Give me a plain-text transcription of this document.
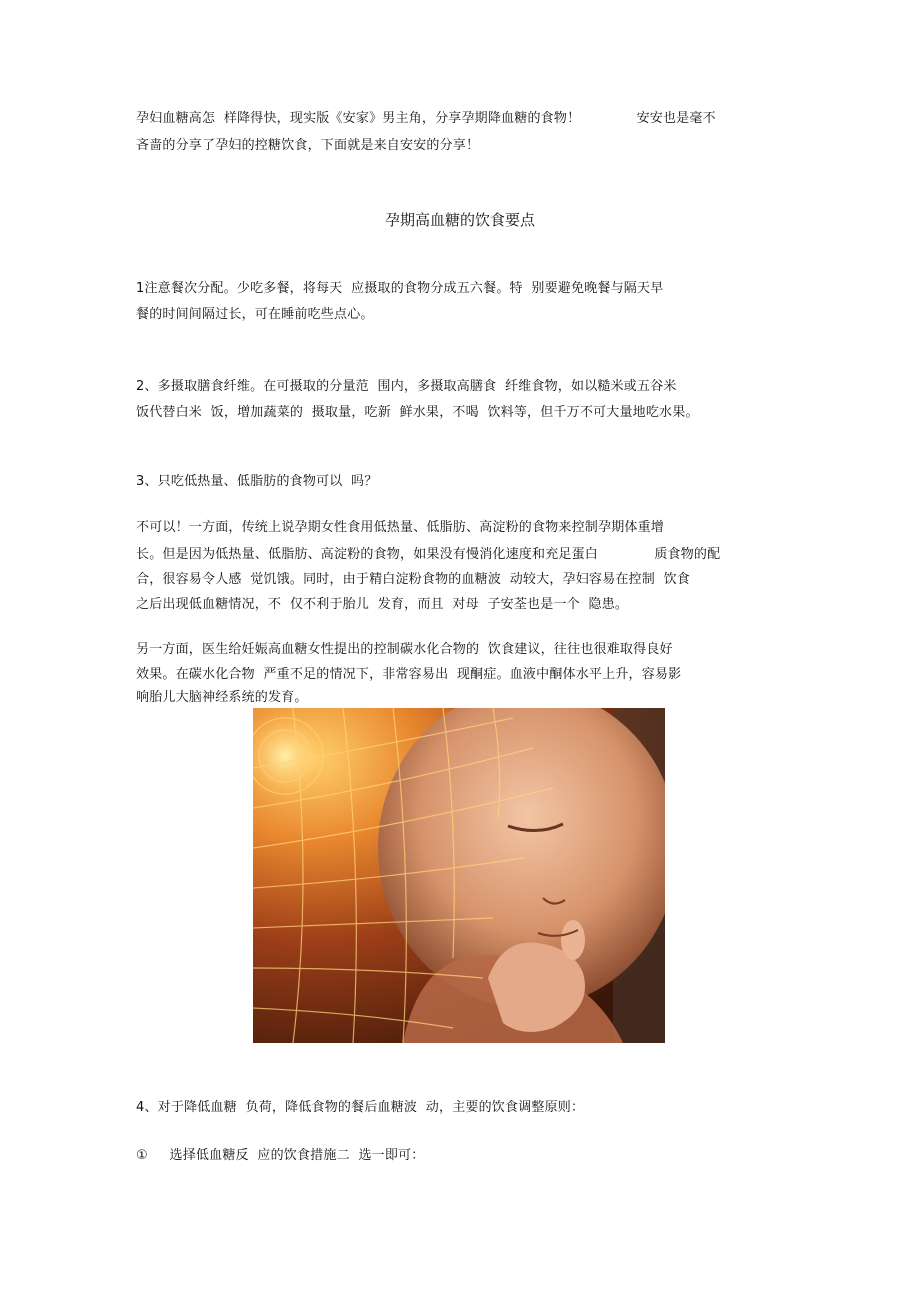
孕妇血糖高怎  样降得快，现实版《安家》男主角，分享孕期降血糖的食物！             安安也是毫不
吝啬的分享了孕妇的控糖饮食，下面就是来自安安的分享！
孕期高血糖的饮食要点
1注意餐次分配。少吃多餐，将每天  应摄取的食物分成五六餐。特  别要避免晚餐与隔天早
餐的时间间隔过长，可在睡前吃些点心。
2、多摄取膳食纤维。在可摄取的分量范  围内，多摄取高膳食  纤维食物，如以糙米或五谷米
饭代替白米  饭，增加蔬菜的  摄取量，吃新  鲜水果，不喝  饮料等，但千万不可大量地吃水果。
3、只吃低热量、低脂肪的食物可以  吗？
不可以！一方面，传统上说孕期女性食用低热量、低脂肪、高淀粉的食物来控制孕期体重增
长。但是因为低热量、低脂肪、高淀粉的食物，如果没有慢消化速度和充足蛋白             质食物的配
合，很容易令人感  觉饥饿。同时，由于精白淀粉食物的血糖波  动较大，孕妇容易在控制  饮食
之后出现低血糖情况，不  仅不利于胎儿  发育，而且  对母  子安荃也是一个  隐患。
另一方面，医生给妊娠高血糖女性提出的控制碳水化合物的  饮食建议，往往也很难取得良好
效果。在碳水化合物  严重不足的情况下，非常容易出  现酮症。血液中酮体水平上升，容易影
响胎儿大脑神经系统的发育。
4、对于降低血糖  负荷，降低食物的餐后血糖波  动，主要的饮食调整原则：
①     选择低血糖反  应的饮食措施二  选一即可：
